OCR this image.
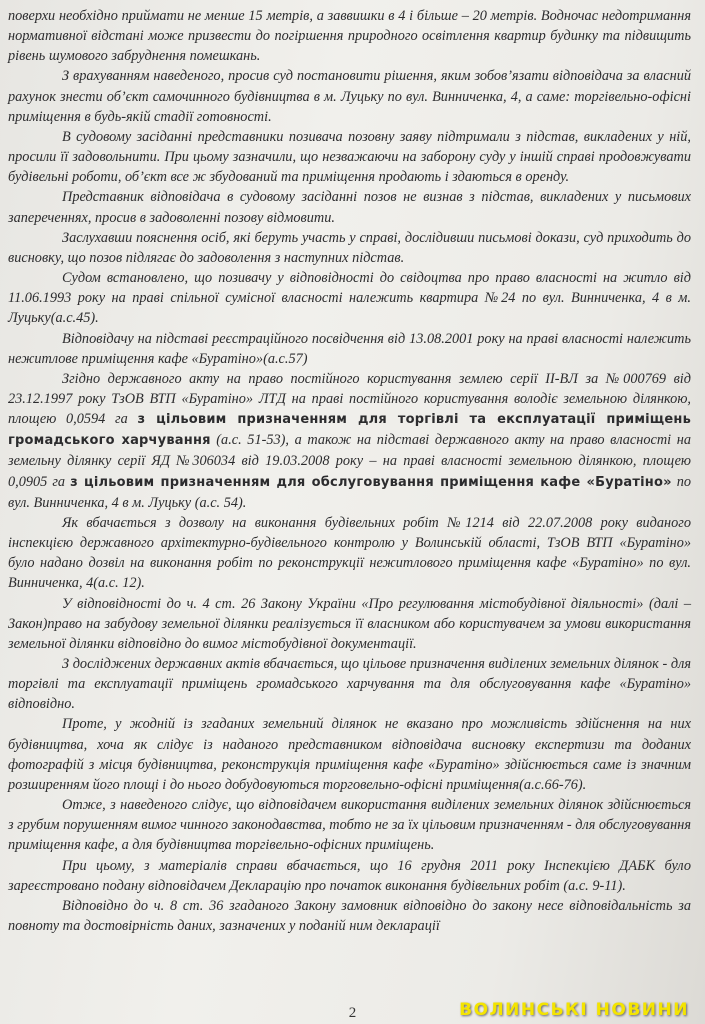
поверхи необхідно приймати не менше 15 метрів, а заввишки в 4 і більше – 20 метрів. Водночас недотримання нормативної відстані може призвести до погіршення природного освітлення квартир будинку та підвищить рівень шумового забруднення помешкань.

З врахуванням наведеного, просив суд постановити рішення, яким зобов’язати відповідача за власний рахунок знести об’єкт самочинного будівництва в м. Луцьку по вул. Винниченка, 4, а саме: торгівельно-офісні приміщення в будь-якій стадії готовності.

В судовому засіданні представники позивача позовну заяву підтримали з підстав, викладених у ній, просили її задовольнити. При цьому зазначили, що незважаючи на заборону суду у іншій справі продовжувати будівельні роботи, об’єкт все ж збудований та приміщення продають і здаються в оренду.

Представник відповідача в судовому засіданні позов не визнав з підстав, викладених у письмових запереченнях, просив в задоволенні позову відмовити.

Заслухавши пояснення осіб, які беруть участь у справі, дослідивши письмові докази, суд приходить до висновку, що позов підлягає до задоволення з наступних підстав.

Судом встановлено, що позивачу у відповідності до свідоцтва про право власності на житло від 11.06.1993 року на праві спільної сумісної власності належить квартира №24 по вул. Винниченка, 4 в м. Луцьку(а.с.45).

Відповідачу на підставі реєстраційного посвідчення від 13.08.2001 року на праві власності належить нежитлове приміщення кафе «Буратіно»(а.с.57)

Згідно державного акту на право постійного користування землею серії ІІ-ВЛ за №000769 від 23.12.1997 року ТзОВ ВТП «Буратіно» ЛТД на праві постійного користування володіє земельною ділянкою, площею 0,0594 га з цільовим призначенням для торгівлі та експлуатації приміщень громадського харчування (а.с. 51-53), а також на підставі державного акту на право власності на земельну ділянку серії ЯД №306034 від 19.03.2008 року – на праві власності земельною ділянкою, площею 0,0905 га з цільовим призначенням для обслуговування приміщення кафе «Буратіно» по вул. Винниченка, 4 в м. Луцьку (а.с. 54).

Як вбачається з дозволу на виконання будівельних робіт №1214 від 22.07.2008 року виданого інспекцією державного архітектурно-будівельного контролю у Волинській області, ТзОВ ВТП «Буратіно» було надано дозвіл на виконання робіт по реконструкції нежитлового приміщення кафе «Буратіно» по вул. Винниченка, 4(а.с. 12).

У відповідності до ч. 4 ст. 26 Закону України «Про регулювання містобудівної діяльності» (далі – Закон)право на забудову земельної ділянки реалізується її власником або користувачем за умови використання земельної ділянки відповідно до вимог містобудівної документації.

З досліджених державних актів вбачається, що цільове призначення виділених земельних ділянок - для торгівлі та експлуатації приміщень громадського харчування та для обслуговування кафе «Буратіно» відповідно.

Проте, у жодній із згаданих земельний ділянок не вказано про можливість здійснення на них будівництва, хоча як слідує із наданого представником відповідача висновку експертизи та доданих фотографій з місця будівництва, реконструкція приміщення кафе «Буратіно» здійснюється саме із значним розширенням його площі і до нього добудовуються торговельно-офісні приміщення(а.с.66-76).

Отже, з наведеного слідує, що відповідачем використання виділених земельних ділянок здійснюється з грубим порушенням вимог чинного законодавства, тобто не за їх цільовим призначенням - для обслуговування приміщення кафе, а для будівництва торгівельно-офісних приміщень.

При цьому, з матеріалів справи вбачається, що 16 грудня 2011 року Інспекцією ДАБК було зареєстровано подану відповідачем Декларацію про початок виконання будівельних робіт (а.с. 9-11).

Відповідно до ч. 8 ст. 36 згаданого Закону замовник відповідно до закону несе відповідальність за повноту та достовірність даних, зазначених у поданій ним декларації

2	ВОЛИНСЬКІ НОВИНИ
